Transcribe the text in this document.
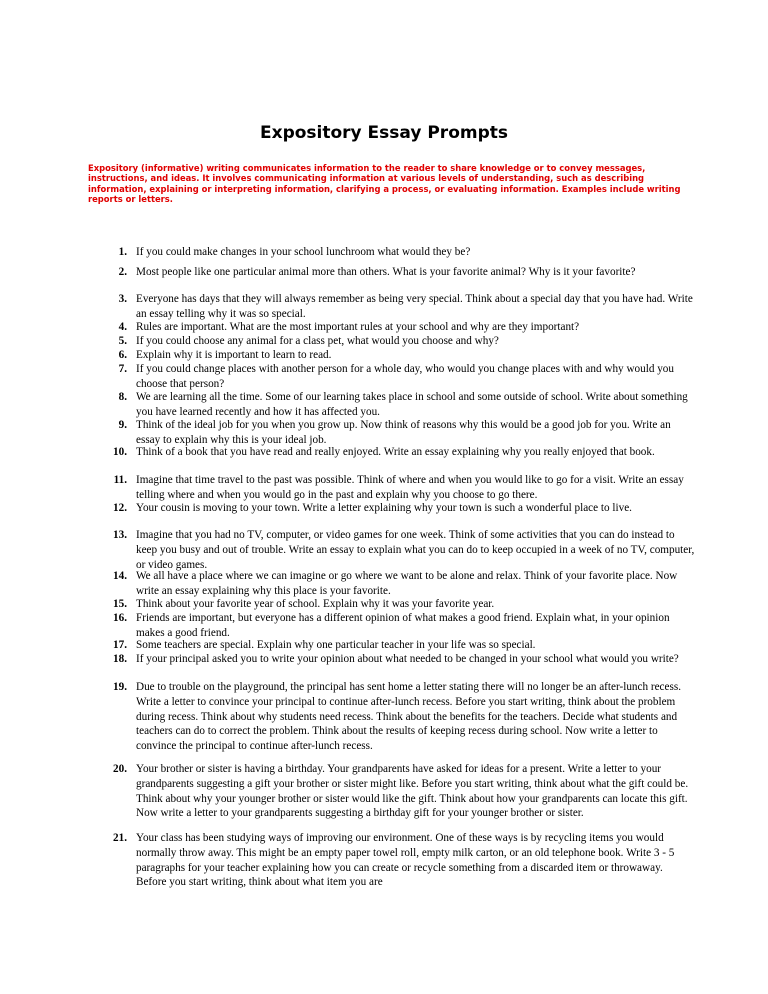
Expository Essay Prompts

Expository (informative) writing communicates information to the reader to share knowledge or to convey messages, instructions, and ideas. It involves communicating information at various levels of understanding, such as describing information, explaining or interpreting information, clarifying a process, or evaluating information. Examples include writing reports or letters.

1. If you could make changes in your school lunchroom what would they be?
2. Most people like one particular animal more than others. What is your favorite animal? Why is it your favorite?
3. Everyone has days that they will always remember as being very special. Think about a special day that you have had. Write an essay telling why it was so special.
4. Rules are important. What are the most important rules at your school and why are they important?
5. If you could choose any animal for a class pet, what would you choose and why?
6. Explain why it is important to learn to read.
7. If you could change places with another person for a whole day, who would you change places with and why would you choose that person?
8. We are learning all the time. Some of our learning takes place in school and some outside of school. Write about something you have learned recently and how it has affected you.
9. Think of the ideal job for you when you grow up. Now think of reasons why this would be a good job for you. Write an essay to explain why this is your ideal job.
10. Think of a book that you have read and really enjoyed. Write an essay explaining why you really enjoyed that book.
11. Imagine that time travel to the past was possible. Think of where and when you would like to go for a visit. Write an essay telling where and when you would go in the past and explain why you choose to go there.
12. Your cousin is moving to your town. Write a letter explaining why your town is such a wonderful place to live.
13. Imagine that you had no TV, computer, or video games for one week. Think of some activities that you can do instead to keep you busy and out of trouble. Write an essay to explain what you can do to keep occupied in a week of no TV, computer, or video games.
14. We all have a place where we can imagine or go where we want to be alone and relax. Think of your favorite place. Now write an essay explaining why this place is your favorite.
15. Think about your favorite year of school. Explain why it was your favorite year.
16. Friends are important, but everyone has a different opinion of what makes a good friend. Explain what, in your opinion makes a good friend.
17. Some teachers are special. Explain why one particular teacher in your life was so special.
18. If your principal asked you to write your opinion about what needed to be changed in your school what would you write?
19. Due to trouble on the playground, the principal has sent home a letter stating there will no longer be an after-lunch recess. Write a letter to convince your principal to continue after-lunch recess. Before you start writing, think about the problem during recess. Think about why students need recess. Think about the benefits for the teachers. Decide what students and teachers can do to correct the problem. Think about the results of keeping recess during school. Now write a letter to convince the principal to continue after-lunch recess.
20. Your brother or sister is having a birthday. Your grandparents have asked for ideas for a present. Write a letter to your grandparents suggesting a gift your brother or sister might like. Before you start writing, think about what the gift could be. Think about why your younger brother or sister would like the gift. Think about how your grandparents can locate this gift. Now write a letter to your grandparents suggesting a birthday gift for your younger brother or sister.
21. Your class has been studying ways of improving our environment. One of these ways is by recycling items you would normally throw away. This might be an empty paper towel roll, empty milk carton, or an old telephone book. Write 3 - 5 paragraphs for your teacher explaining how you can create or recycle something from a discarded item or throwaway. Before you start writing, think about what item you are
